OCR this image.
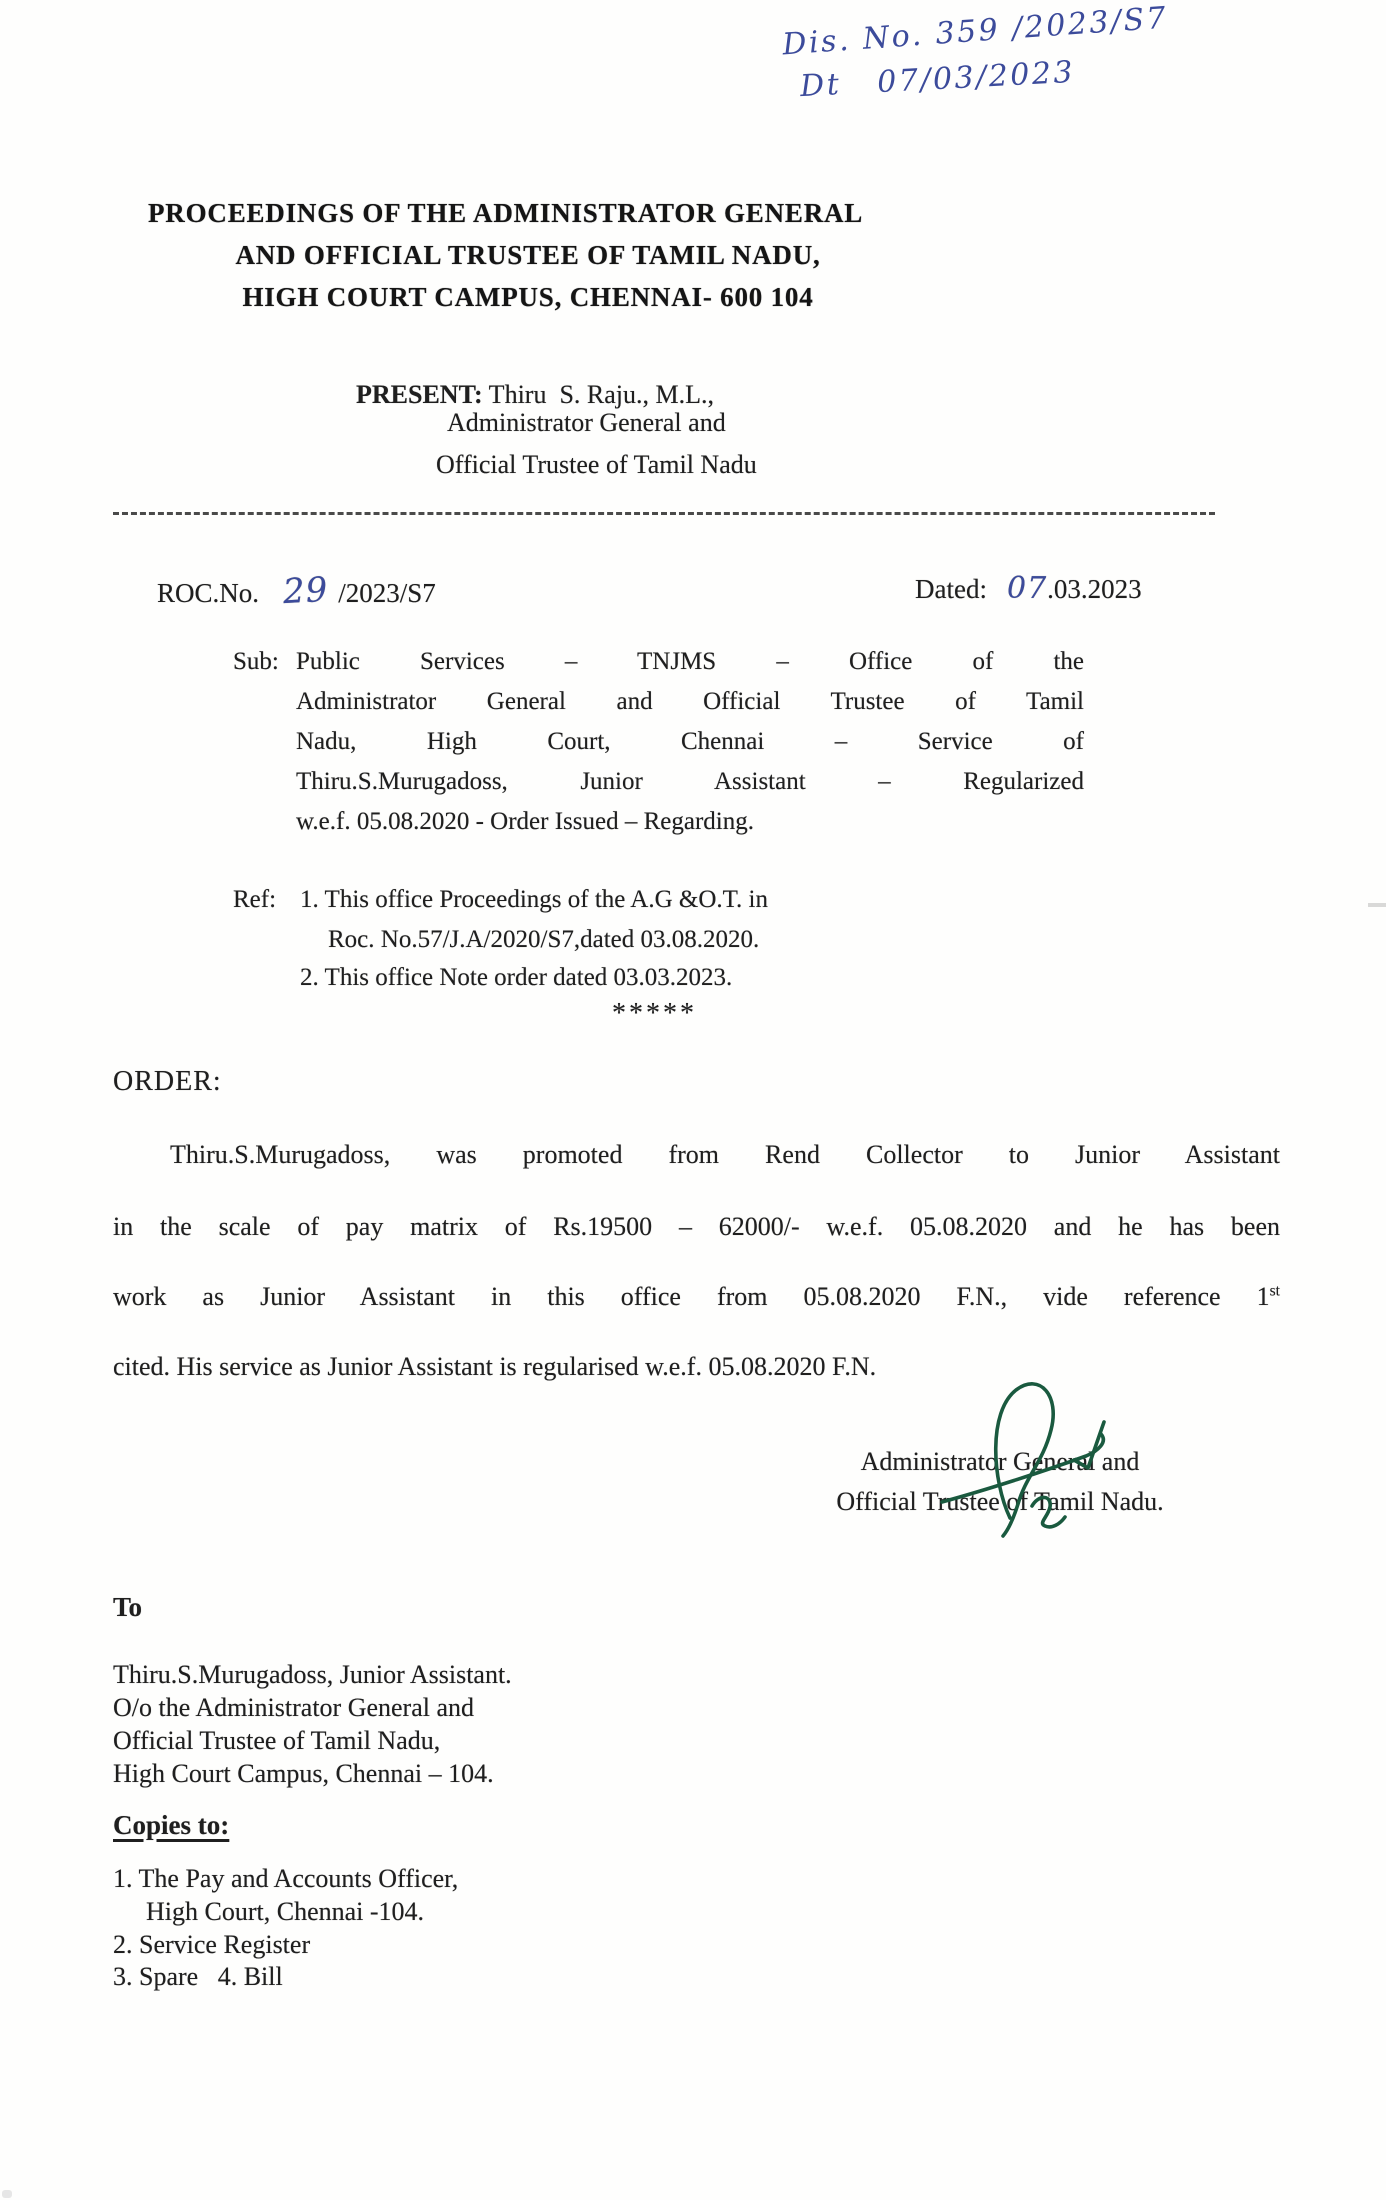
Dis. No. 359 /2023/S7
Dt   07/03/2023
PROCEEDINGS OF THE ADMINISTRATOR GENERAL
AND OFFICIAL TRUSTEE OF TAMIL NADU,
HIGH COURT CAMPUS, CHENNAI- 600 104

PRESENT: Thiru  S. Raju., M.L.,

Administrator General and
Official Trustee of Tamil Nadu

ROC.No. 29 /2023/S7
	Dated: 07.03.2023

Sub: Public Services – TNJMS – Office of the
Administrator General and Official Trustee of Tamil
Nadu, High Court, Chennai – Service of
Thiru.S.Murugadoss, Junior Assistant – Regularized
w.e.f. 05.08.2020 - Order Issued – Regarding.
Ref: 1. This office Proceedings of the A.G &O.T. in
Roc. No.57/J.A/2020/S7,dated 03.08.2020.
2. This office Note order dated 03.03.2023.
*****
ORDER:
Thiru.S.Murugadoss, was promoted from Rend Collector to Junior Assistant
in the scale of pay matrix of Rs.19500 – 62000/- w.e.f. 05.08.2020 and he has been
work as Junior Assistant in this office from 05.08.2020 F.N., vide reference 1st
cited. His service as Junior Assistant is regularised w.e.f. 05.08.2020 F.N.
Administrator General and
Official Trustee of Tamil Nadu.
To
Thiru.S.Murugadoss, Junior Assistant.
O/o the Administrator General and
Official Trustee of Tamil Nadu,
High Court Campus, Chennai – 104.
Copies to:
1. The Pay and Accounts Officer,
High Court, Chennai -104.
2. Service Register
3. Spare   4. Bill
